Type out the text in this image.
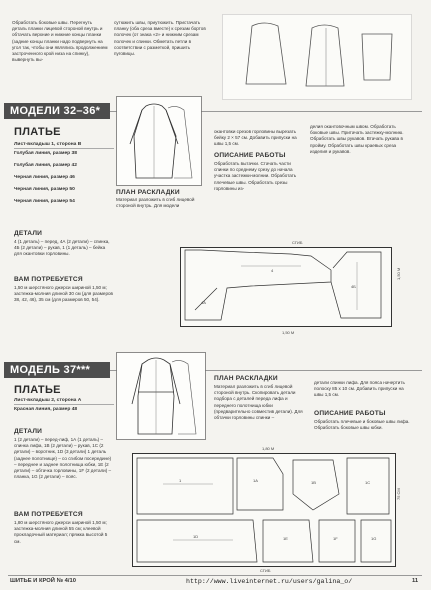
Обработать боковые швы. Перегнуть деталь планки лицевой стороной внутрь и обтачать верхние и нижние концы планки (задние концы планки надо подвернуть на угол так, чтобы они являлись продолжением застроченного крой низа на спинку), вывернуть вы-
сутюжить швы, приутюжить. Пристачать планку (оба среза вместе) к срезам бортов полочек (от знака «2» и нижним срезам полочек и спинки. Обметать петли в соответствии с разметкой, пришить пуговицы.
МОДЕЛИ 32–36*
ПЛАТЬЕ
Лист-вкладыш 1, сторона В
Голубая линия, размер 38
Голубая линия, размер 42
Черная линия, размер 46
Черная линия, размер 50
Черная линия, размер 54
ДЕТАЛИ
4 (1 деталь) – перед, 4А (2 детали) – спинка, 4Б (2 детали) – рукав, 1 (1 деталь) – бейка для окантовки горловины.
ВАМ ПОТРЕБУЕТСЯ
1,50 м шерстяного джерси шириной 1,50 м; застежка-молния длиной 30 см (для размеров 38, 42, 46), 35 см (для размеров 50, 54).
ПЛАН РАСКЛАДКИ
Материал разложить в сгиб лицевой стороной внутрь. Для модели
окантовки срезов горловины вырезать бейку 2 × 57 см. Добавить припуски на швы 1,5 см.
ОПИСАНИЕ РАБОТЫ
Обработать вытачки. Стачать части спинки по среднему срезу до начала участка застежки-молнии. Обработать плечевые швы. Обработать срезы горловины из-
делия окантовочным швом. Обработать боковые швы. Притачать застежку-молнию. Обработать швы рукавов. Втачать рукава в пройму. Обработать швы краевых среза изделия и рукавов.
СГИБ
4А
4
4Б
1,50 М
1,50 М
МОДЕЛЬ 37***
ПЛАТЬЕ
Лист-вкладыш 2, сторона А
Красная линия, размер 48
ДЕТАЛИ
1 (2 детали) – перед-лиф, 1А (1 деталь) – спинка лифа, 1В (2 детали) – рукав, 1С (2 детали) – воротник, 1D (3 детали) 1 деталь (заднее полотнище) – со сгибом посередине) – переднее и заднее полотнища юбки, 1Е (2 детали) – обтачка горловины, 1F (2 детали) – планка, 1G (2 детали) – пояс.
ВАМ ПОТРЕБУЕТСЯ
1,80 м шерстяного джерси шириной 1,50 м; застежка-молния длиной 55 см; клеевой прокладочный материал; пряжка высотой 5 см.
ПЛАН РАСКЛАДКИ
Материал разложить в сгиб лицевой стороной внутрь. Скопировать детали подбора с деталей переда лифа и переднего полотнища юбки (предварительно совместив детали). Для обтачки горловины спинки –
детали спинки лифа. Для пояса начертить полоску 85 х 10 см. Добавить припуски на швы 1,5 см.
ОПИСАНИЕ РАБОТЫ
Обработать плечевые и боковые швы лифа. Обработать боковые швы юбки.
1,80 М
1	1А	1В	1С
1D	1Е	1F	1G
75 СМ
СГИБ
ШИТЬЕ И КРОЙ № 4/10	http://www.liveinternet.ru/users/galina_o/	11
